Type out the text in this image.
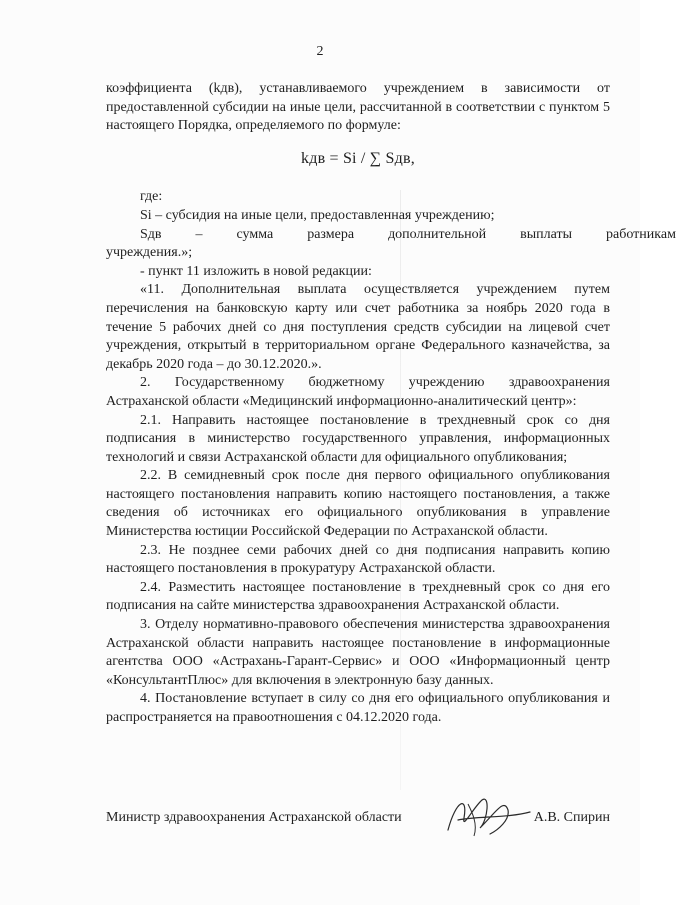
2

коэффициента (kдв), устанавливаемого учреждением в зависимости от предоставленной субсидии на иные цели, рассчитанной в соответствии с пунктом 5 настоящего Порядка, определяемого по формуле:

kдв = Si / ∑ Sдв,

где:

Si – субсидия на иные цели, предоставленная учреждению;

Sдв	–	сумма	размера	дополнительной	выплаты	работникам

учреждения.»;

- пункт 11 изложить в новой редакции:

«11. Дополнительная выплата осуществляется учреждением путем перечисления на банковскую карту или счет работника за ноябрь 2020 года в течение 5 рабочих дней со дня поступления средств субсидии на лицевой счет учреждения, открытый в территориальном органе Федерального казначейства, за декабрь 2020 года – до 30.12.2020.».

2. Государственному бюджетному учреждению здравоохранения Астраханской области «Медицинский информационно-аналитический центр»:

2.1. Направить настоящее постановление в трехдневный срок со дня подписания в министерство государственного управления, информационных технологий и связи Астраханской области для официального опубликования;

2.2. В семидневный срок после дня первого официального опубликования настоящего постановления направить копию настоящего постановления, а также сведения об источниках его официального опубликования в управление Министерства юстиции Российской Федерации по Астраханской области.

2.3. Не позднее семи рабочих дней со дня подписания направить копию настоящего постановления в прокуратуру Астраханской области.

2.4. Разместить настоящее постановление в трехдневный срок со дня его подписания на сайте министерства здравоохранения Астраханской области.

3. Отделу нормативно-правового обеспечения министерства здравоохранения Астраханской области направить настоящее постановление в информационные агентства ООО «Астрахань-Гарант-Сервис» и ООО «Информационный центр «КонсультантПлюс» для включения в электронную базу данных.

4. Постановление вступает в силу со дня его официального опубликования и распространяется на правоотношения с 04.12.2020 года.

Министр здравоохранения Астраханской области	А.В. Спирин
